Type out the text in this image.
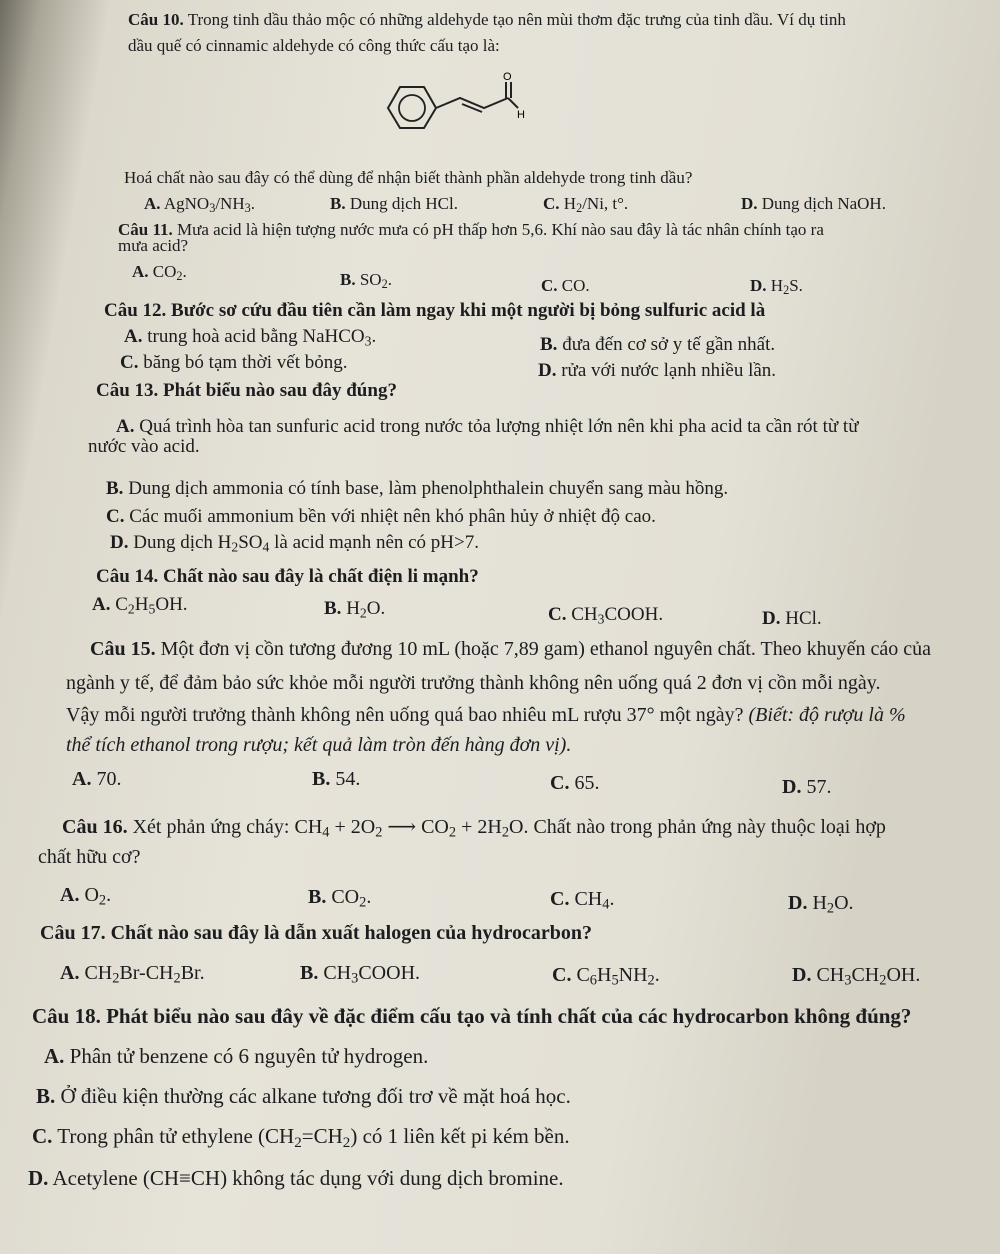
Câu 10. Trong tinh dầu thảo mộc có những aldehyde tạo nên mùi thơm đặc trưng của tinh dầu. Ví dụ tinh
dầu quế có cinnamic aldehyde có công thức cấu tạo là:
O
H
Hoá chất nào sau đây có thể dùng để nhận biết thành phần aldehyde trong tinh dầu?
A. $AgNO_3/NH_3$.	B. Dung dịch HCl.	C. $H_2/Ni$, t°.	D. Dung dịch NaOH.
Câu 11. Mưa acid là hiện tượng nước mưa có pH thấp hơn 5,6. Khí nào sau đây là tác nhân chính tạo ra
mưa acid?
A. $CO_2$.	B. $SO_2$.	C. CO.	D. $H_2S$.
Câu 12. Bước sơ cứu đầu tiên cần làm ngay khi một người bị bỏng sulfuric acid là
A. trung hoà acid bằng NaHCO$_3$.	B. đưa đến cơ sở y tế gần nhất.
C. băng bó tạm thời vết bỏng.	D. rửa với nước lạnh nhiều lần.
Câu 13. Phát biểu nào sau đây đúng?
A. Quá trình hòa tan sunfuric acid trong nước tỏa lượng nhiệt lớn nên khi pha acid ta cần rót từ từ
nước vào acid.
B. Dung dịch ammonia có tính base, làm phenolphthalein chuyển sang màu hồng.
C. Các muối ammonium bền với nhiệt nên khó phân hủy ở nhiệt độ cao.
D. Dung dịch $H_2SO_4$ là acid mạnh nên có pH>7.
Câu 14. Chất nào sau đây là chất điện li mạnh?
A. $C_2H_5OH$.	B. $H_2O$.	C. $CH_3COOH$.	D. HCl.
Câu 15. Một đơn vị cồn tương đương 10 mL (hoặc 7,89 gam) ethanol nguyên chất. Theo khuyến cáo của
ngành y tế, để đảm bảo sức khỏe mỗi người trưởng thành không nên uống quá 2 đơn vị cồn mỗi ngày.
Vậy mỗi người trưởng thành không nên uống quá bao nhiêu mL rượu 37° một ngày? (Biết: độ rượu là %
thể tích ethanol trong rượu; kết quả làm tròn đến hàng đơn vị).
A. 70.	B. 54.	C. 65.	D. 57.
Câu 16. Xét phản ứng cháy: $CH_4 + 2O_2$ ⟶ $CO_2 + 2H_2O$. Chất nào trong phản ứng này thuộc loại hợp
chất hữu cơ?
A. $O_2$.	B. $CO_2$.	C. $CH_4$.	D. $H_2O$.
Câu 17. Chất nào sau đây là dẫn xuất halogen của hydrocarbon?
A. $CH_2Br-CH_2Br$.	B. $CH_3COOH$.	C. $C_6H_5NH_2$.	D. $CH_3CH_2OH$.
Câu 18. Phát biểu nào sau đây về đặc điểm cấu tạo và tính chất của các hydrocarbon không đúng?
A. Phân tử benzene có 6 nguyên tử hydrogen.
B. Ở điều kiện thường các alkane tương đối trơ về mặt hoá học.
C. Trong phân tử ethylene $(CH_2=CH_2)$ có 1 liên kết pi kém bền.
D. Acetylene (CH≡CH) không tác dụng với dung dịch bromine.
